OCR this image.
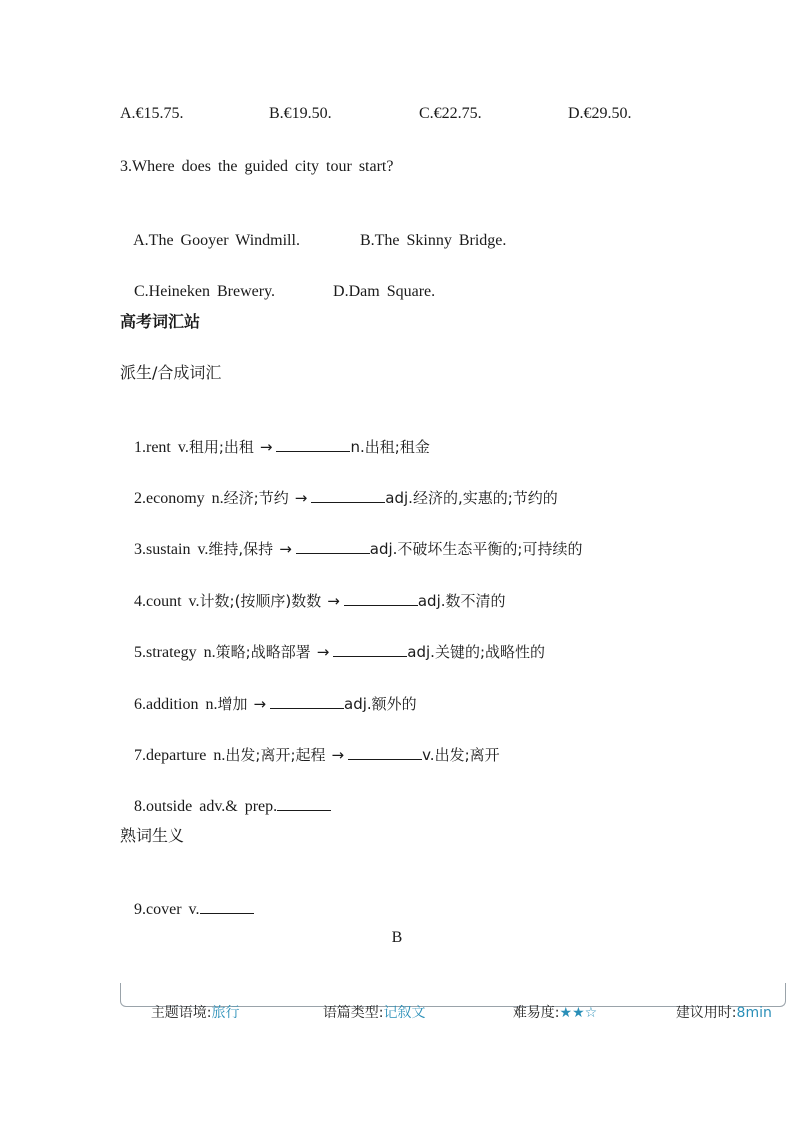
A.€15.75.	B.€19.50.	C.€22.75.	D.€29.50.
3.Where does the guided city tour start?

A.The Gooyer Windmill.	B.The Skinny Bridge.

C.Heineken Brewery.	D.Dam Square.

高考词汇站
派生/合成词汇

1.rent v.租用;出租 →	n.出租;租金

2.economy n.经济;节约 →	adj.经济的,实惠的;节约的

3.sustain v.维持,保持 →	adj.不破坏生态平衡的;可持续的

4.count v.计数;(按顺序)数数 →	adj.数不清的

5.strategy n.策略;战略部署 →	adj.关键的;战略性的

6.addition n.增加 →	adj.额外的

7.departure n.出发;离开;起程 →	v.出发;离开

8.outside adv.& prep.

熟词生义

9.cover v.

B

主题语境:旅行
	语篇类型:记叙文
	难易度:★★☆
	建议用时:8min
